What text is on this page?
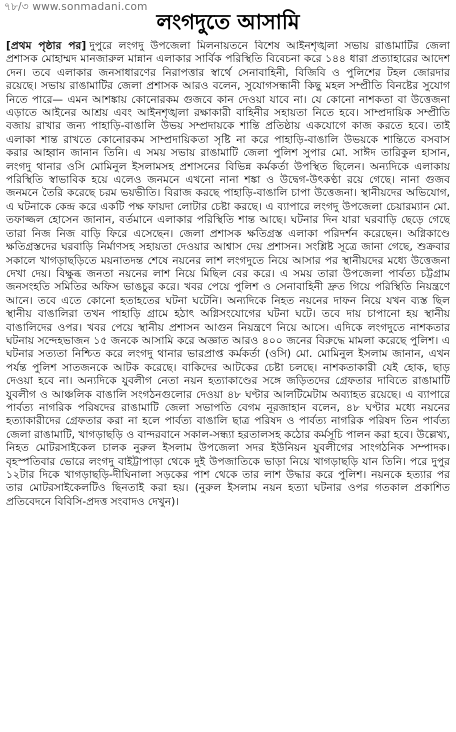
৭৮/৩ www.sonmadani.com
লংগদুতে আসামি

[প্রথম পৃষ্ঠার পর] দুপুরে লংগদু উপজেলা মিলনায়তনে বিশেষ আইনশৃঙ্খলা সভায় রাঙামাটির জেলা প্রশাসক মোহাম্মদ মানজারুল মান্নান এলাকার সার্বিক পরিস্থিতি বিবেচনা করে ১৪৪ ধারা প্রত্যাহারের আদেশ দেন। তবে এলাকার জনসাধারণের নিরাপত্তার স্বার্থে সেনাবাহিনী, বিজিবি ও পুলিশের টহল জোরদার রয়েছে। সভায় রাঙামাটির জেলা প্রশাসক আরও বলেন, সুযোগসন্ধানী কিছু মহল সম্প্রীতি বিনষ্টের সুযোগ নিতে পারে— এমন আশঙ্কায় কোনোরকম গুজবে কান দেওয়া যাবে না। যে কোনো নাশকতা বা উত্তেজনা এড়াতে আইনের আশ্রয় এবং আইনশৃঙ্খলা রক্ষাকারী বাহিনীর সহায়তা নিতে হবে। সাম্প্রদায়িক সম্প্রীতি বজায় রাখার জন্য পাহাড়ি-বাঙালি উভয় সম্প্রদায়কে শান্তি প্রতিষ্ঠায় একযোগে কাজ করতে হবে। তাই এলাকা শান্ত রাখতে কোনোরকম সাম্প্রদায়িকতা সৃষ্টি না করে পাহাড়ি-বাঙালি উভয়কে শান্তিতে বসবাস করার আহ্বান জানান তিনি। এ সময় সভায় রাঙামাটি জেলা পুলিশ সুপার মো. সাঈদ তারিকুল হাসান, লংগদু থানার ওসি মোমিনুল ইসলামসহ প্রশাসনের বিভিন্ন কর্মকর্তা উপস্থিত ছিলেন। অন্যদিকে এলাকায় পরিস্থিতি স্বাভাবিক হয়ে এলেও জনমনে এখনো নানা শঙ্কা ও উদ্বেগ-উৎকণ্ঠা রয়ে গেছে। নানা গুজব জনমনে তৈরি করেছে চরম ভয়ভীতি। বিরাজ করছে পাহাড়ি-বাঙালি চাপা উত্তেজনা। স্থানীয়দের অভিযোগ, এ ঘটনাকে কেন্দ্র করে একটি পক্ষ ফায়দা লোটার চেষ্টা করছে। এ ব্যাপারে লংগদু উপজেলা চেয়ারম্যান মো. তফাজ্জল হোসেন জানান, বর্তমানে এলাকার পরিস্থিতি শান্ত আছে। ঘটনার দিন যারা ঘরবাড়ি ছেড়ে গেছে তারা নিজ নিজ বাড়ি ফিরে এসেছেন। জেলা প্রশাসক ক্ষতিগ্রস্ত এলাকা পরিদর্শন করেছেন। অগ্নিকাণ্ডে ক্ষতিগ্রস্তদের ঘরবাড়ি নির্মাণসহ সহায়তা দেওয়ার আশ্বাস দেয় প্রশাসন। সংশ্লিষ্ট সূত্রে জানা গেছে, শুক্রবার সকালে খাগড়াছড়িতে ময়নাতদন্ত শেষে নয়নের লাশ লংগদুতে নিয়ে আসার পর স্থানীয়দের মধ্যে উত্তেজনা দেখা দেয়। বিক্ষুব্ধ জনতা নয়নের লাশ নিয়ে মিছিল বের করে। এ সময় তারা উপজেলা পার্বত্য চট্টগ্রাম জনসংহতি সমিতির অফিস ভাঙচুর করে। খবর পেয়ে পুলিশ ও সেনাবাহিনী দ্রুত গিয়ে পরিস্থিতি নিয়ন্ত্রণে আনে। তবে এতে কোনো হতাহতের ঘটনা ঘটেনি। অন্যদিকে নিহত নয়নের দাফন নিয়ে যখন ব্যস্ত ছিল স্থানীয় বাঙালিরা তখন পাহাড়ি গ্রামে হঠাৎ অগ্নিসংযোগের ঘটনা ঘটে। তবে দায় চাপানো হয় স্থানীয় বাঙালিদের ওপর। খবর পেয়ে স্থানীয় প্রশাসন আগুন নিয়ন্ত্রণে নিয়ে আসে। এদিকে লংগদুতে নাশকতার ঘটনায় সন্দেহভাজন ১৫ জনকে আসামি করে অজ্ঞাত আরও ৪০০ জনের বিরুদ্ধে মামলা করেছে পুলিশ। এ ঘটনার সত্যতা নিশ্চিত করে লংগদু থানার ভারপ্রাপ্ত কর্মকর্তা (ওসি) মো. মোমিনুল ইসলাম জানান, এখন পর্যন্ত পুলিশ সাতজনকে আটক করেছে। বাকিদের আটকের চেষ্টা চলছে। নাশকতাকারী যেই হোক, ছাড় দেওয়া হবে না। অন্যদিকে যুবলীগ নেতা নয়ন হত্যাকাণ্ডের সঙ্গে জড়িতদের গ্রেফতার দাবিতে রাঙামাটি যুবলীগ ও আঞ্চলিক বাঙালি সংগঠনগুলোর দেওয়া ৪৮ ঘণ্টার আলটিমেটাম অব্যাহত রয়েছে। এ ব্যাপারে পার্বত্য নাগরিক পরিষদের রাঙামাটি জেলা সভাপতি বেগম নূরজাহান বলেন, ৪৮ ঘণ্টার মধ্যে নয়নের হত্যাকারীদের গ্রেফতার করা না হলে পার্বত্য বাঙালি ছাত্র পরিষদ ও পার্বত্য নাগরিক পরিষদ তিন পার্বত্য জেলা রাঙামাটি, খাগড়াছড়ি ও বান্দরবানে সকাল-সন্ধ্যা হরতালসহ কঠোর কর্মসূচি পালন করা হবে। উল্লেখ্য, নিহত মোটরসাইকেল চালক নুরুল ইসলাম উপজেলা সদর ইউনিয়ন যুবলীগের সাংগঠনিক সম্পাদক। বৃহস্পতিবার ভোরে লংগদু বাইট্টাপাড়া থেকে দুই উপজাতিকে ভাড়া নিয়ে খাগড়াছড়ি যান তিনি। পরে দুপুর ১২টার দিকে খাগড়াছড়ি-দীঘিনালা সড়কের পাশ থেকে তার লাশ উদ্ধার করে পুলিশ। নয়নকে হত্যার পর তার মোটরসাইকেলটিও ছিনতাই করা হয়। (নুরুল ইসলাম নয়ন হত্যা ঘটনার ওপর গতকাল প্রকাশিত প্রতিবেদনে বিবিসি-প্রদত্ত সংবাদও দেখুন)।
